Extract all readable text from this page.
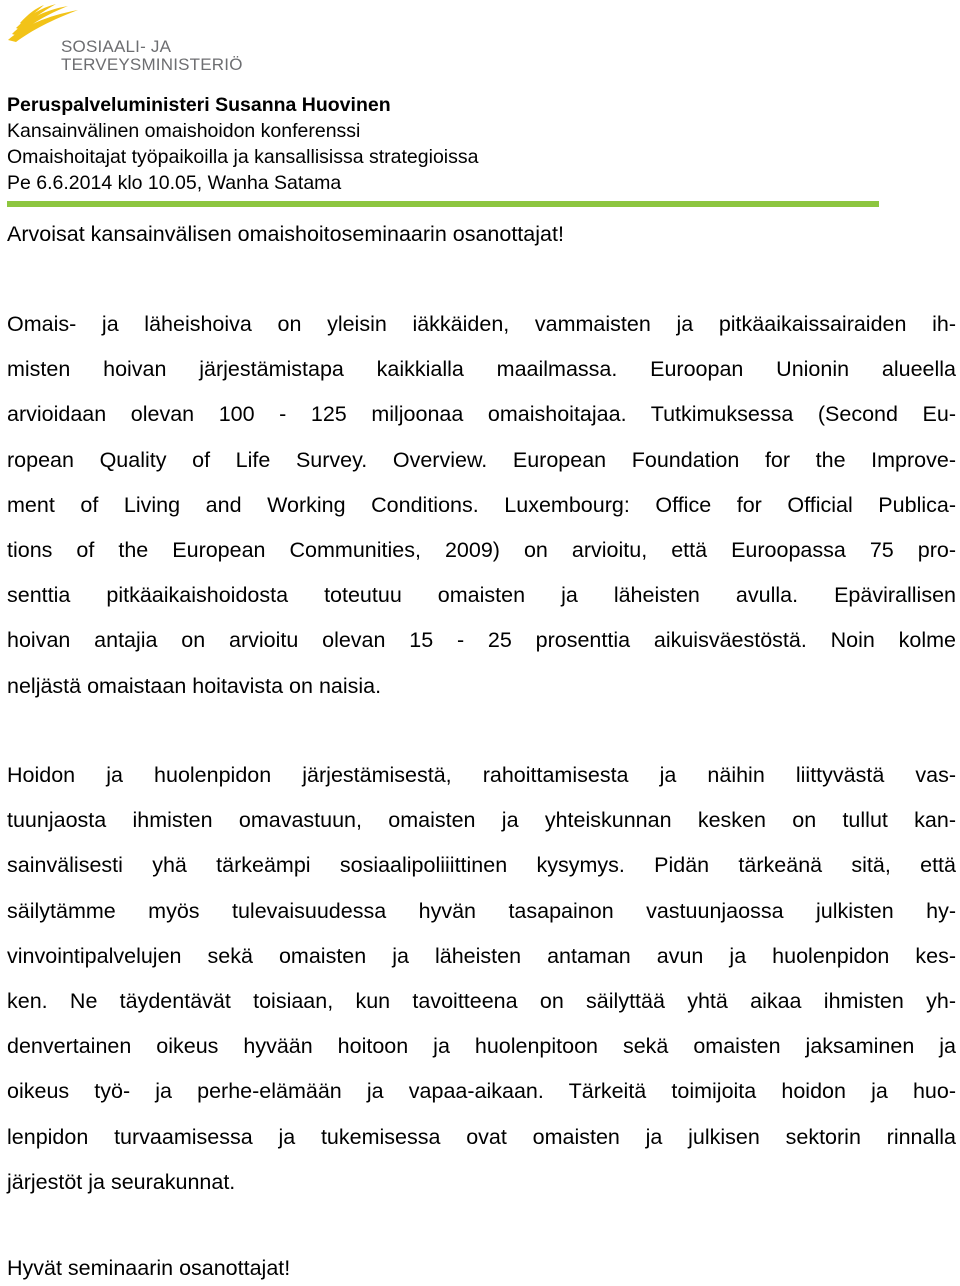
SOSIAALI- JA
TERVEYSMINISTERIÖ
Peruspalveluministeri Susanna Huovinen
Kansainvälinen omaishoidon konferenssi
Omaishoitajat työpaikoilla ja kansallisissa strategioissa
Pe 6.6.2014 klo 10.05, Wanha Satama
Arvoisat kansainvälisen omaishoitoseminaarin osanottajat!
Omais- ja läheishoiva on yleisin iäkkäiden, vammaisten ja pitkäaikaissairaiden ih-
misten hoivan järjestämistapa kaikkialla maailmassa. Euroopan Unionin alueella
arvioidaan olevan 100 - 125 miljoonaa omaishoitajaa. Tutkimuksessa (Second Eu-
ropean Quality of Life Survey. Overview. European Foundation for the Improve-
ment of Living and Working Conditions. Luxembourg: Office for Official Publica-
tions of the European Communities, 2009) on arvioitu, että Euroopassa 75 pro-
senttia pitkäaikaishoidosta toteutuu omaisten ja läheisten avulla. Epävirallisen
hoivan antajia on arvioitu olevan 15 - 25 prosenttia aikuisväestöstä. Noin kolme
neljästä omaistaan hoitavista on naisia.
Hoidon ja huolenpidon järjestämisestä, rahoittamisesta ja näihin liittyvästä vas-
tuunjaosta ihmisten omavastuun, omaisten ja yhteiskunnan kesken on tullut kan-
sainvälisesti yhä tärkeämpi sosiaalipoliiittinen kysymys. Pidän tärkeänä sitä, että
säilytämme myös tulevaisuudessa hyvän tasapainon vastuunjaossa julkisten hy-
vinvointipalvelujen sekä omaisten ja läheisten antaman avun ja huolenpidon kes-
ken. Ne täydentävät toisiaan, kun tavoitteena on säilyttää yhtä aikaa ihmisten yh-
denvertainen oikeus hyvään hoitoon ja huolenpitoon sekä omaisten jaksaminen ja
oikeus työ- ja perhe-elämään ja vapaa-aikaan. Tärkeitä toimijoita hoidon ja huo-
lenpidon turvaamisessa ja tukemisessa ovat omaisten ja julkisen sektorin rinnalla
järjestöt ja seurakunnat.
Hyvät seminaarin osanottajat!
